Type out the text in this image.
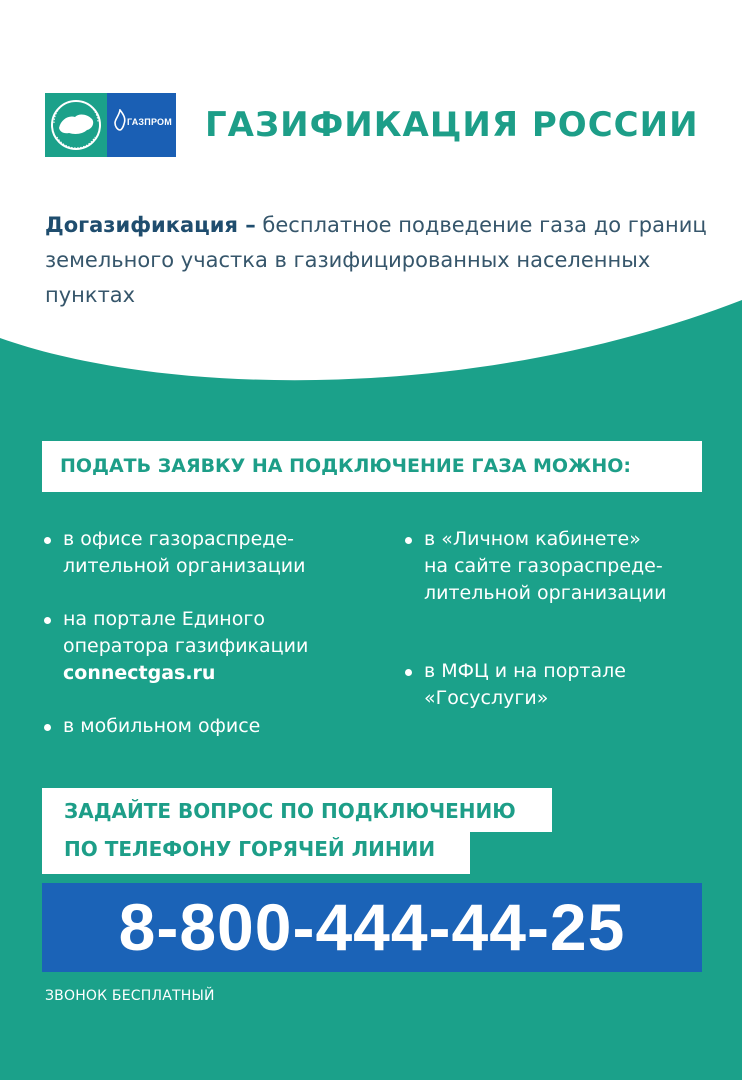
ГАЗПРОМ ГАЗИФИКАЦИЯ РОССИИ

Догазификация – бесплатное подведение газа до границ земельного участка в газифицированных населенных пунктах

ПОДАТЬ ЗАЯВКУ НА ПОДКЛЮЧЕНИЕ ГАЗА МОЖНО:
в офисе газораспреде-
лительной организации
на портале Единого
оператора газификации
connectgas.ru
в мобильном офисе
в «Личном кабинете»
на сайте газораспреде-
лительной организации
в МФЦ и на портале
«Госуслуги»
ЗАДАЙТЕ ВОПРОС ПО ПОДКЛЮЧЕНИЮ
ПО ТЕЛЕФОНУ ГОРЯЧЕЙ ЛИНИИ
8-800-444-44-25
ЗВОНОК БЕСПЛАТНЫЙ
